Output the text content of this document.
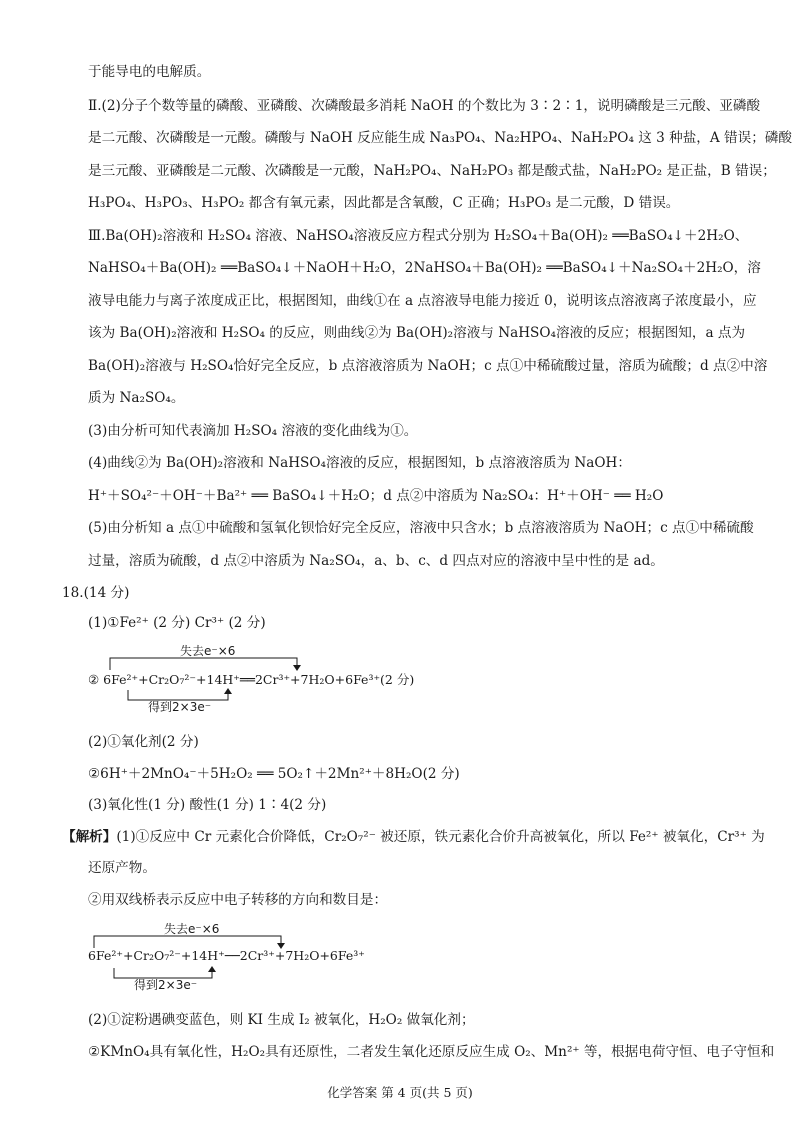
于能导电的电解质。
Ⅱ.(2)分子个数等量的磷酸、亚磷酸、次磷酸最多消耗 NaOH 的个数比为 3∶2∶1，说明磷酸是三元酸、亚磷酸
是二元酸、次磷酸是一元酸。磷酸与 NaOH 反应能生成 Na₃PO₄、Na₂HPO₄、NaH₂PO₄ 这 3 种盐，A 错误；磷酸
是三元酸、亚磷酸是二元酸、次磷酸是一元酸，NaH₂PO₄、NaH₂PO₃ 都是酸式盐，NaH₂PO₂ 是正盐，B 错误；
H₃PO₄、H₃PO₃、H₃PO₂ 都含有氧元素，因此都是含氧酸，C 正确；H₃PO₃ 是二元酸，D 错误。
Ⅲ.Ba(OH)₂溶液和 H₂SO₄ 溶液、NaHSO₄溶液反应方程式分别为 H₂SO₄＋Ba(OH)₂ ══BaSO₄↓＋2H₂O、
NaHSO₄＋Ba(OH)₂ ══BaSO₄↓＋NaOH＋H₂O，2NaHSO₄＋Ba(OH)₂ ══BaSO₄↓＋Na₂SO₄＋2H₂O，溶
液导电能力与离子浓度成正比，根据图知，曲线①在 a 点溶液导电能力接近 0，说明该点溶液离子浓度最小，应
该为 Ba(OH)₂溶液和 H₂SO₄ 的反应，则曲线②为 Ba(OH)₂溶液与 NaHSO₄溶液的反应；根据图知，a 点为
Ba(OH)₂溶液与 H₂SO₄恰好完全反应，b 点溶液溶质为 NaOH；c 点①中稀硫酸过量，溶质为硫酸；d 点②中溶
质为 Na₂SO₄。
(3)由分析可知代表滴加 H₂SO₄ 溶液的变化曲线为①。
(4)曲线②为 Ba(OH)₂溶液和 NaHSO₄溶液的反应，根据图知，b 点溶液溶质为 NaOH：
H⁺＋SO₄²⁻＋OH⁻＋Ba²⁺ ══ BaSO₄↓＋H₂O；d 点②中溶质为 Na₂SO₄：H⁺＋OH⁻ ══ H₂O
(5)由分析知 a 点①中硫酸和氢氧化钡恰好完全反应，溶液中只含水；b 点溶液溶质为 NaOH；c 点①中稀硫酸
过量，溶质为硫酸，d 点②中溶质为 Na₂SO₄，a、b、c、d 四点对应的溶液中呈中性的是 ad。
18.(14 分)
(1)①Fe²⁺ (2 分) Cr³⁺ (2 分)
失去e⁻×6
② 6Fe²⁺+Cr₂O₇²⁻+14H⁺══2Cr³⁺+7H₂O+6Fe³⁺(2 分)
得到2×3e⁻
(2)①氧化剂(2 分)
②6H⁺＋2MnO₄⁻＋5H₂O₂ ══ 5O₂↑＋2Mn²⁺＋8H₂O(2 分)
(3)氧化性(1 分) 酸性(1 分) 1∶4(2 分)
【解析】(1)①反应中 Cr 元素化合价降低，Cr₂O₇²⁻ 被还原，铁元素化合价升高被氧化，所以 Fe²⁺ 被氧化，Cr³⁺ 为
还原产物。
②用双线桥表示反应中电子转移的方向和数目是：
失去e⁻×6
6Fe²⁺+Cr₂O₇²⁻+14H⁺──2Cr³⁺+7H₂O+6Fe³⁺
得到2×3e⁻
(2)①淀粉遇碘变蓝色，则 KI 生成 I₂ 被氧化，H₂O₂ 做氧化剂；
②KMnO₄具有氧化性，H₂O₂具有还原性，二者发生氧化还原反应生成 O₂、Mn²⁺ 等，根据电荷守恒、电子守恒和
化学答案 第 4 页(共 5 页)
